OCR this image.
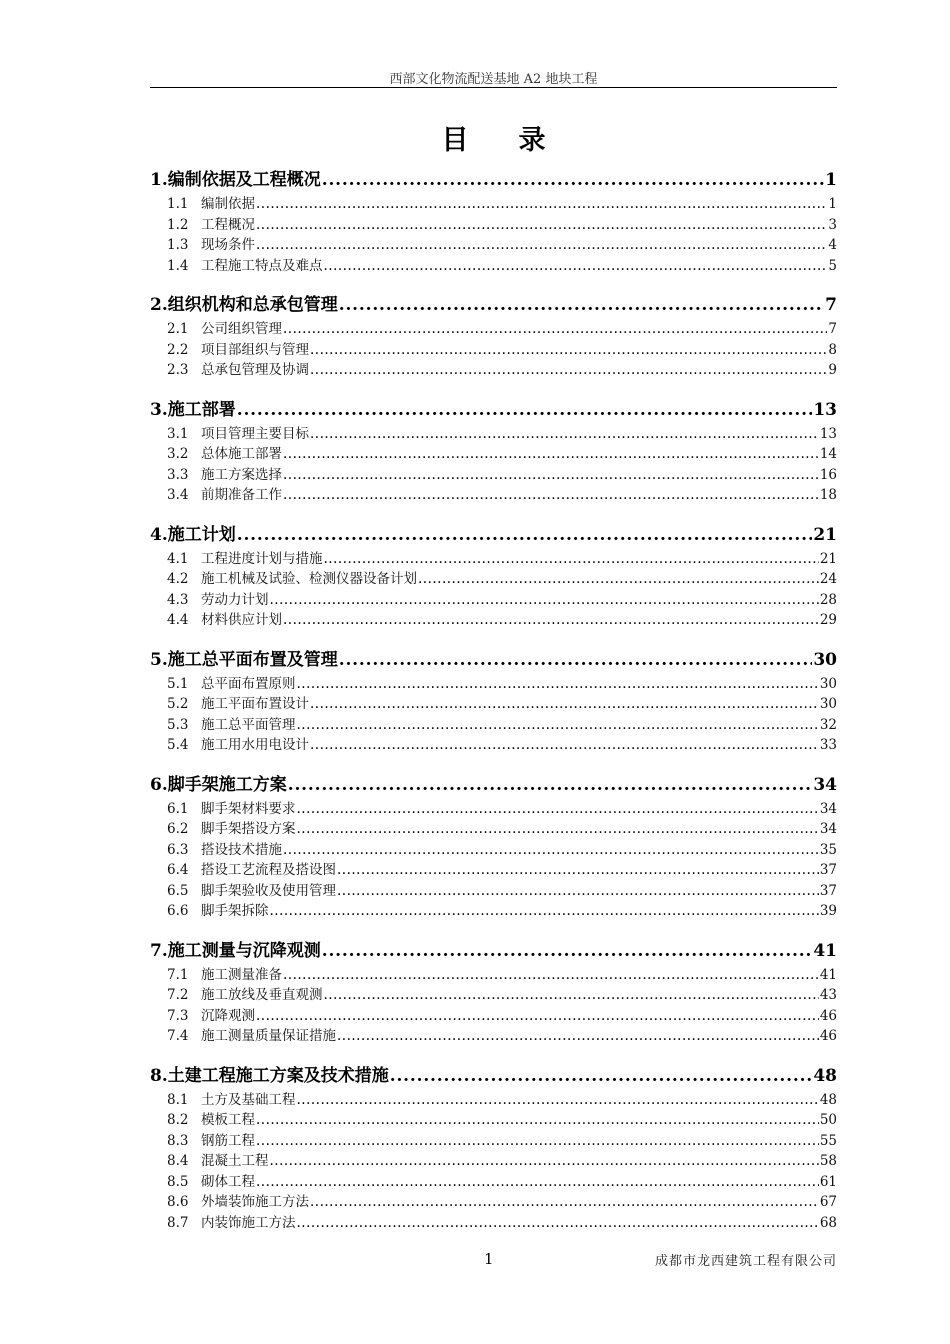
西部文化物流配送基地 A2 地块工程
目录
1. 编制依据及工程概况 .....	1
1.1 编制依据 .....	1
1.2 工程概况 .....	3
1.3 现场条件 .....	4
1.4 工程施工特点及难点 .....	5
2. 组织机构和总承包管理 .....	7
2.1 公司组织管理 .....	7
2.2 项目部组织与管理 .....	8
2.3 总承包管理及协调 .....	9
3. 施工部署 .....	13
3.1 项目管理主要目标 .....	13
3.2 总体施工部署 .....	14
3.3 施工方案选择 .....	16
3.4 前期准备工作 .....	18
4. 施工计划 .....	21
4.1 工程进度计划与措施 .....	21
4.2 施工机械及试验、检测仪器设备计划 .....	24
4.3 劳动力计划 .....	28
4.4 材料供应计划 .....	29
5. 施工总平面布置及管理 .....	30
5.1 总平面布置原则 .....	30
5.2 施工平面布置设计 .....	30
5.3 施工总平面管理 .....	32
5.4 施工用水用电设计 .....	33
6. 脚手架施工方案 .....	34
6.1 脚手架材料要求 .....	34
6.2 脚手架搭设方案 .....	34
6.3 搭设技术措施 .....	35
6.4 搭设工艺流程及搭设图 .....	37
6.5 脚手架验收及使用管理 .....	37
6.6 脚手架拆除 .....	39
7. 施工测量与沉降观测 .....	41
7.1 施工测量准备 .....	41
7.2 施工放线及垂直观测 .....	43
7.3 沉降观测 .....	46
7.4 施工测量质量保证措施 .....	46
8. 土建工程施工方案及技术措施 .....	48
8.1 土方及基础工程 .....	48
8.2 模板工程 .....	50
8.3 钢筋工程 .....	55
8.4 混凝土工程 .....	58
8.5 砌体工程 .....	61
8.6 外墙装饰施工方法 .....	67
8.7 内装饰施工方法 .....	68
1	成都市龙西建筑工程有限公司
